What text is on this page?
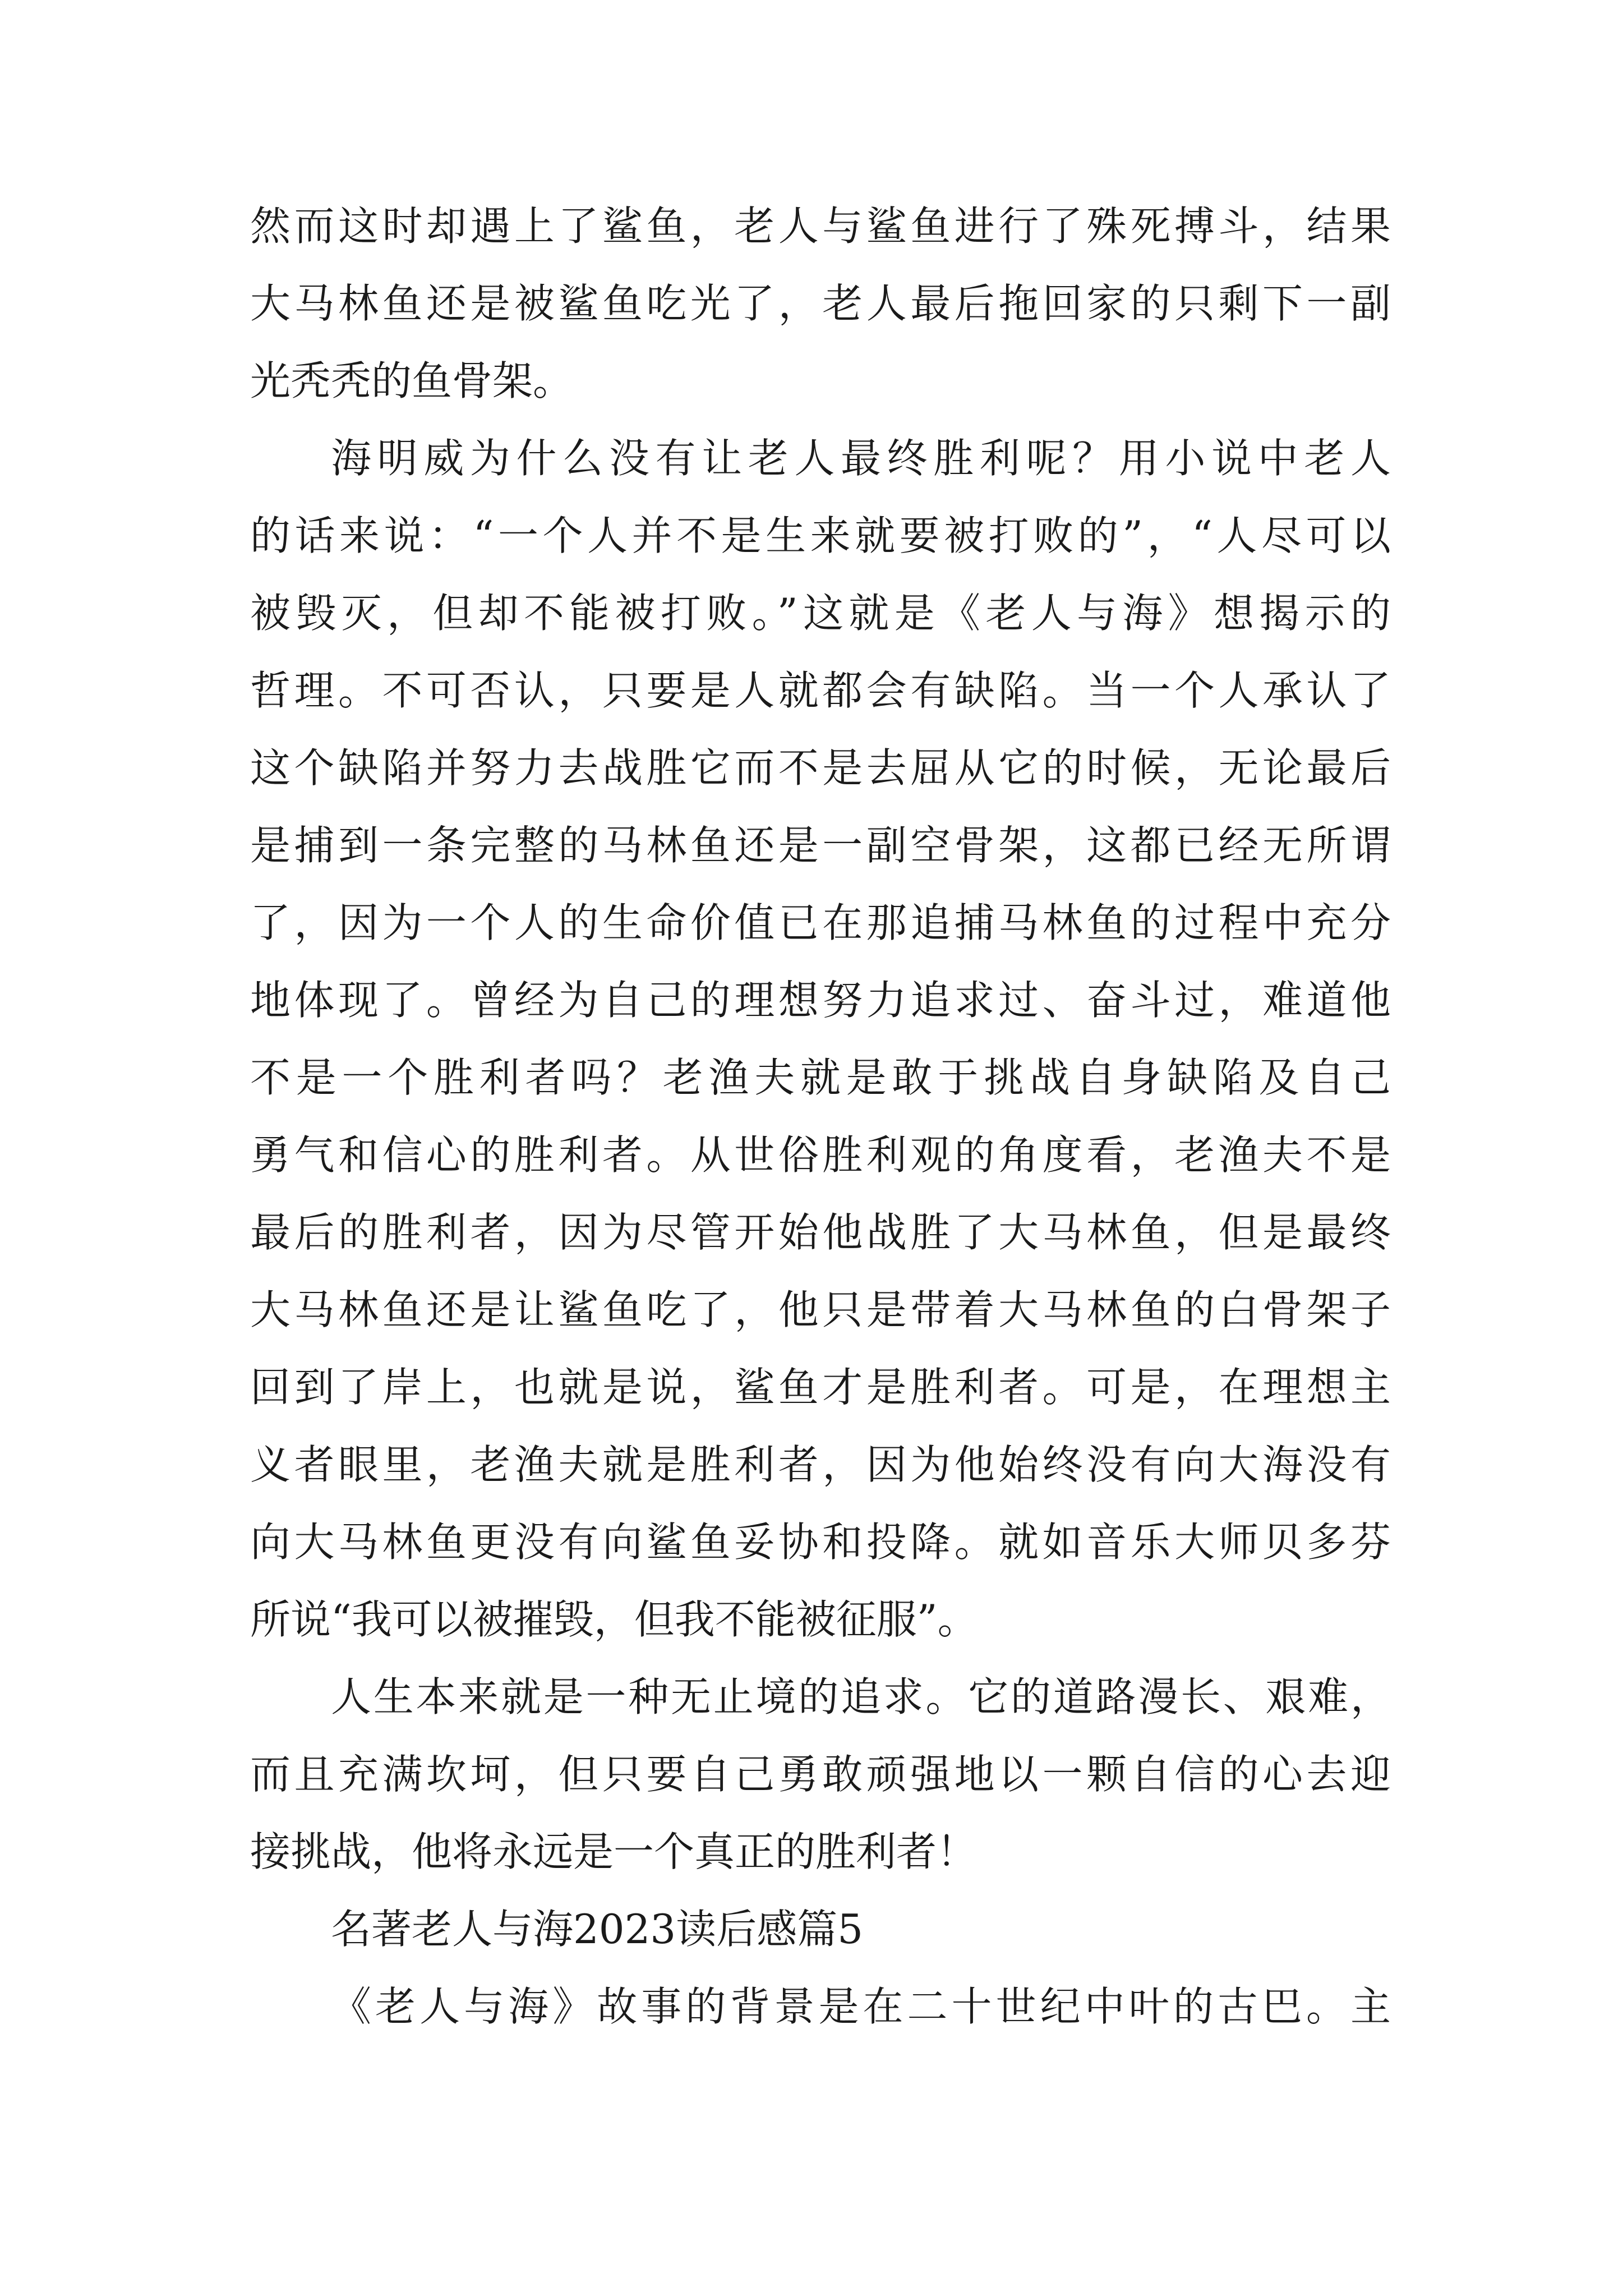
然而这时却遇上了鲨鱼，老人与鲨鱼进行了殊死搏斗，结果
大马林鱼还是被鲨鱼吃光了，老人最后拖回家的只剩下一副
光秃秃的鱼骨架。
海明威为什么没有让老人最终胜利呢？用小说中老人
的话来说：“一个人并不是生来就要被打败的”，“人尽可以
被毁灭，但却不能被打败。”这就是《老人与海》想揭示的
哲理。不可否认，只要是人就都会有缺陷。当一个人承认了
这个缺陷并努力去战胜它而不是去屈从它的时候，无论最后
是捕到一条完整的马林鱼还是一副空骨架，这都已经无所谓
了，因为一个人的生命价值已在那追捕马林鱼的过程中充分
地体现了。曾经为自己的理想努力追求过、奋斗过，难道他
不是一个胜利者吗？老渔夫就是敢于挑战自身缺陷及自己
勇气和信心的胜利者。从世俗胜利观的角度看，老渔夫不是
最后的胜利者，因为尽管开始他战胜了大马林鱼，但是最终
大马林鱼还是让鲨鱼吃了，他只是带着大马林鱼的白骨架子
回到了岸上，也就是说，鲨鱼才是胜利者。可是，在理想主
义者眼里，老渔夫就是胜利者，因为他始终没有向大海没有
向大马林鱼更没有向鲨鱼妥协和投降。就如音乐大师贝多芬
所说“我可以被摧毁，但我不能被征服”。
人生本来就是一种无止境的追求。它的道路漫长、艰难，
而且充满坎坷，但只要自己勇敢顽强地以一颗自信的心去迎
接挑战，他将永远是一个真正的胜利者！
名著老人与海2023读后感篇5
《老人与海》故事的背景是在二十世纪中叶的古巴。主
